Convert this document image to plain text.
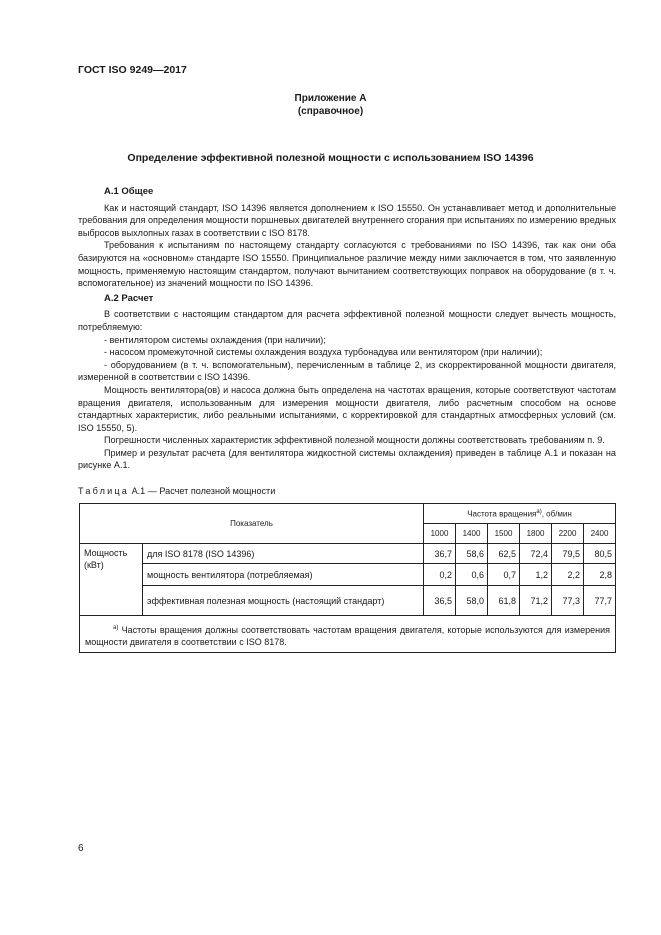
ГОСТ ISO 9249—2017
Приложение А
(справочное)
Определение эффективной полезной мощности с использованием ISO 14396
А.1 Общее

Как и настоящий стандарт, ISO 14396 является дополнением к ISO 15550. Он устанавливает метод и дополнительные требования для определения мощности поршневых двигателей внутреннего сгорания при испытаниях по измерению вредных выбросов выхлопных газах в соответствии с ISO 8178.

Требования к испытаниям по настоящему стандарту согласуются с требованиями по ISO 14396, так как они оба базируются на «основном» стандарте ISO 15550. Принципиальное различие между ними заключается в том, что заявленную мощность, применяемую настоящим стандартом, получают вычитанием соответствующих поправок на оборудование (в т. ч. вспомогательное) из значений мощности по ISO 14396.

А.2 Расчет

В соответствии с настоящим стандартом для расчета эффективной полезной мощности следует вычесть мощность, потребляемую:

- вентилятором системы охлаждения (при наличии);

- насосом промежуточной системы охлаждения воздуха турбонадува или вентилятором (при наличии);

- оборудованием (в т. ч. вспомогательным), перечисленным в таблице 2, из скорректированной мощности двигателя, измеренной в соответствии с ISO 14396.

Мощность вентилятора(ов) и насоса должна быть определена на частотах вращения, которые соответствуют частотам вращения двигателя, использованным для измерения мощности двигателя, либо расчетным способом на основе стандартных характеристик, либо реальными испытаниями, с корректировкой для стандартных атмосферных условий (см. ISO 15550, 5).

Погрешности численных характеристик эффективной полезной мощности должны соответствовать требованиям п. 9.

Пример и результат расчета (для вентилятора жидкостной системы охлаждения) приведен в таблице А.1 и показан на рисунке А.1.

Таблица А.1 — Расчет полезной мощности
Показатель		Частота вращения$^{a)}$, об/мин					
		1000	1400	1500	1800	2200	2400
Мощность (кВт)	для ISO 8178 (ISO 14396)	36,7	58,6	62,5	72,4	79,5	80,5
	мощность вентилятора (потребляемая)	0,2	0,6	0,7	1,2	2,2	2,8
	эффективная полезная мощность (настоящий стандарт)	36,5	58,0	61,8	71,2	77,3	77,7
$^{a)}$ Частоты вращения должны соответствовать частотам вращения двигателя, которые используются для измерения мощности двигателя в соответствии с ISO 8178.							
6
